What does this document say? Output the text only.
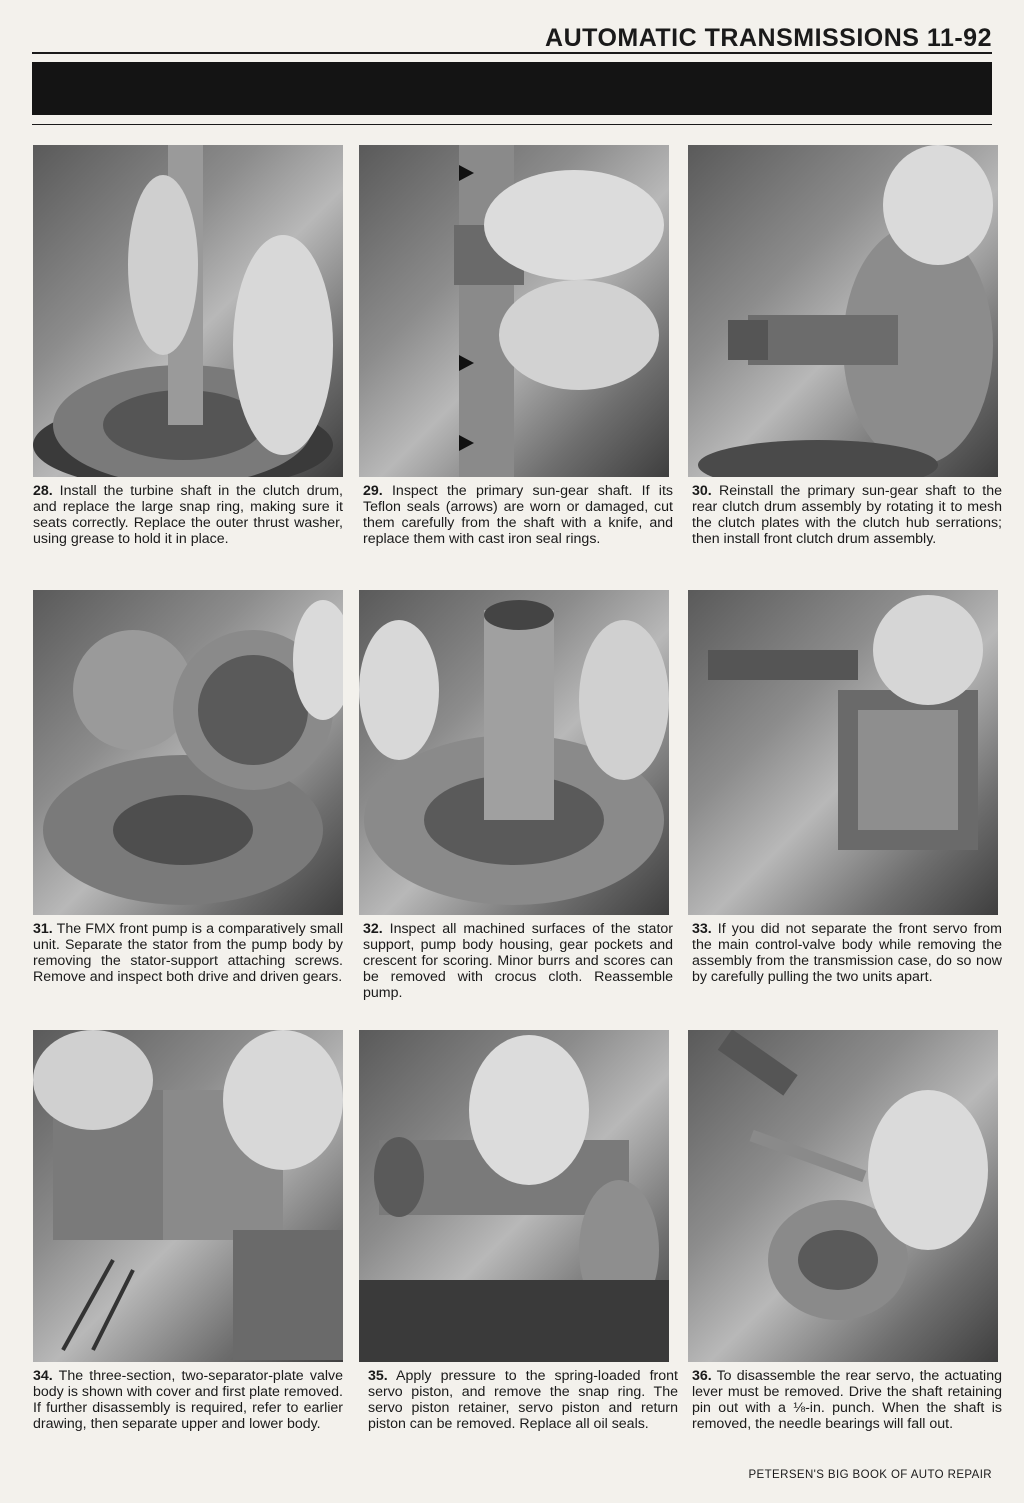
AUTOMATIC TRANSMISSIONS 11-92
28. Install the turbine shaft in the clutch drum, and replace the large snap ring, making sure it seats correctly. Replace the outer thrust washer, using grease to hold it in place.
29. Inspect the primary sun-gear shaft. If its Teflon seals (arrows) are worn or damaged, cut them carefully from the shaft with a knife, and replace them with cast iron seal rings.
30. Reinstall the primary sun-gear shaft to the rear clutch drum assembly by rotating it to mesh the clutch plates with the clutch hub serrations; then install front clutch drum assembly.
31. The FMX front pump is a comparatively small unit. Separate the stator from the pump body by removing the stator-support attaching screws. Remove and inspect both drive and driven gears.
32. Inspect all machined surfaces of the stator support, pump body housing, gear pockets and crescent for scoring. Minor burrs and scores can be removed with crocus cloth. Reassemble pump.
33. If you did not separate the front servo from the main control-valve body while removing the assembly from the transmission case, do so now by carefully pulling the two units apart.
34. The three-section, two-separator-plate valve body is shown with cover and first plate removed. If further disassembly is required, refer to earlier drawing, then separate upper and lower body.
35. Apply pressure to the spring-loaded front servo piston, and remove the snap ring. The servo piston retainer, servo piston and return piston can be removed. Replace all oil seals.
36. To disassemble the rear servo, the actuating lever must be removed. Drive the shaft retaining pin out with a ⅛-in. punch. When the shaft is removed, the needle bearings will fall out.
PETERSEN'S BIG BOOK OF AUTO REPAIR
